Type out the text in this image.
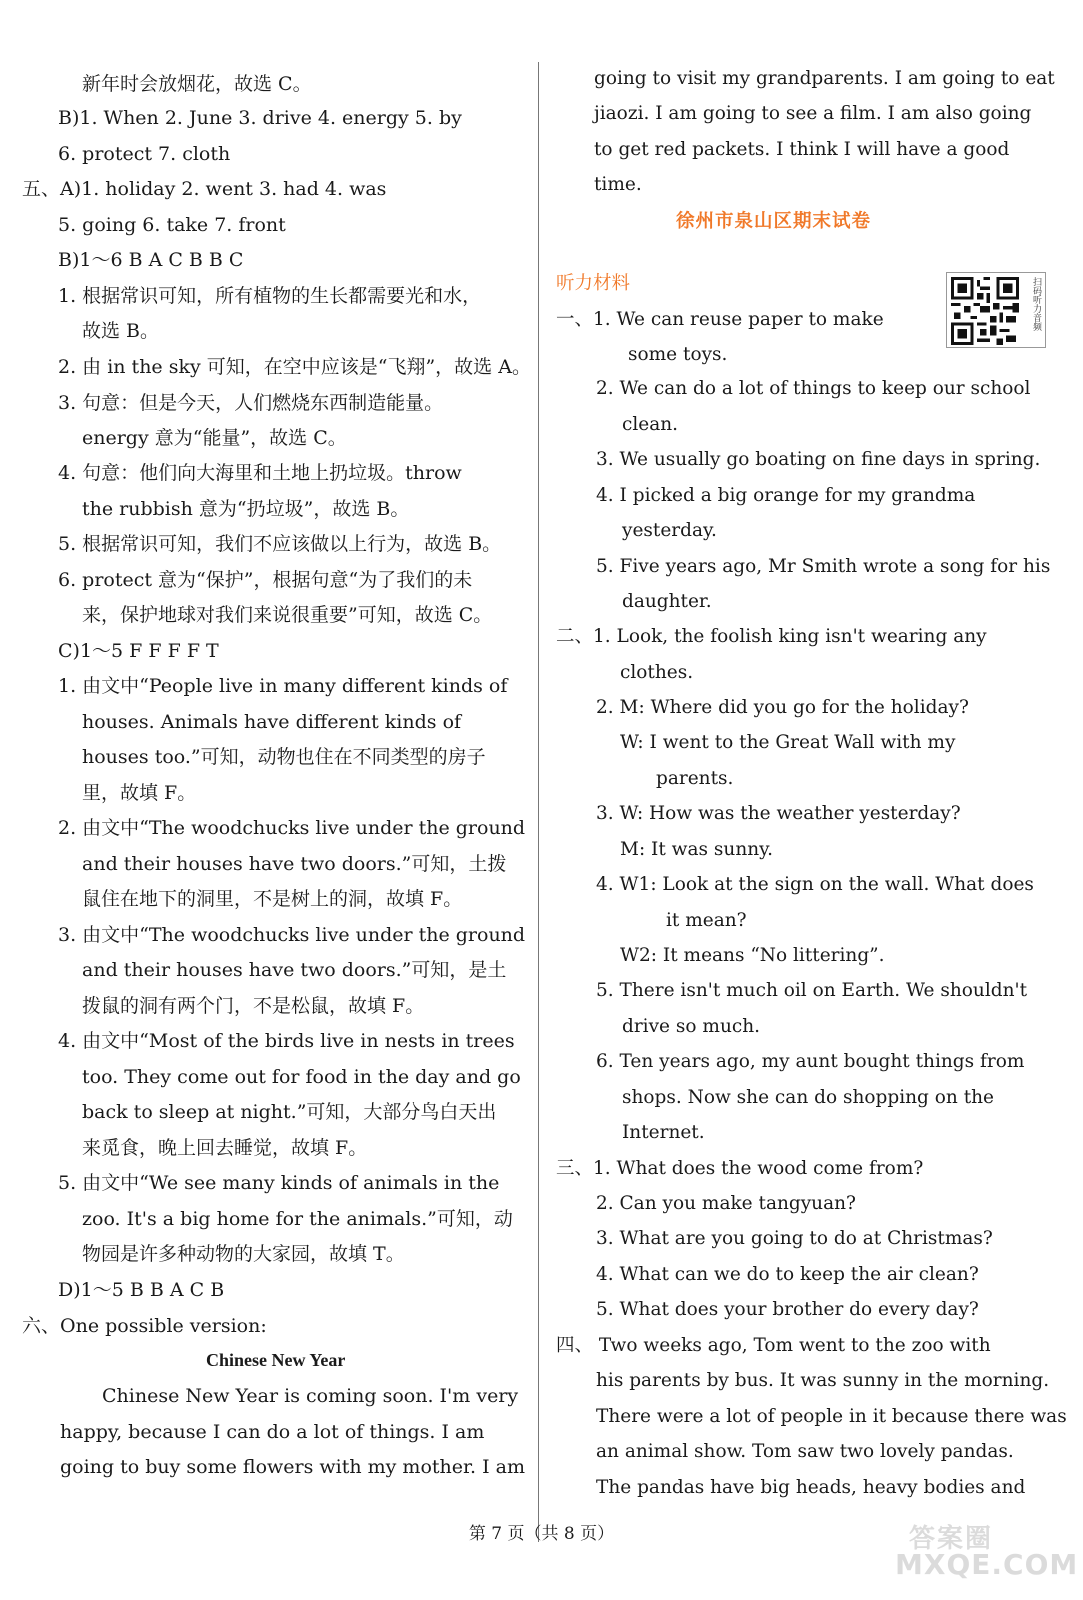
新年时会放烟花，故选 C。
B)1. When 2. June 3. drive 4. energy 5. by
6. protect 7. cloth
五、A)1. holiday 2. went 3. had 4. was
5. going 6. take 7. front
B)1～6 B A C B B C
1. 根据常识可知，所有植物的生长都需要光和水，
故选 B。
2. 由 in the sky 可知，在空中应该是“飞翔”，故选 A。
3. 句意：但是今天，人们燃烧东西制造能量。
energy 意为“能量”，故选 C。
4. 句意：他们向大海里和土地上扔垃圾。throw
the rubbish 意为“扔垃圾”，故选 B。
5. 根据常识可知，我们不应该做以上行为，故选 B。
6. protect 意为“保护”，根据句意“为了我们的未
来，保护地球对我们来说很重要”可知，故选 C。
C)1～5 F F F F T
1. 由文中“People live in many different kinds of
houses. Animals have different kinds of
houses too.”可知，动物也住在不同类型的房子
里，故填 F。
2. 由文中“The woodchucks live under the ground
and their houses have two doors.”可知，土拨
鼠住在地下的洞里，不是树上的洞，故填 F。
3. 由文中“The woodchucks live under the ground
and their houses have two doors.”可知，是土
拨鼠的洞有两个门，不是松鼠，故填 F。
4. 由文中“Most of the birds live in nests in trees
too. They come out for food in the day and go
back to sleep at night.”可知，大部分鸟白天出
来觅食，晚上回去睡觉，故填 F。
5. 由文中“We see many kinds of animals in the
zoo. It's a big home for the animals.”可知，动
物园是许多种动物的大家园，故填 T。
D)1～5 B B A C B
六、One possible version:
Chinese New Year is coming soon. I'm very
happy, because I can do a lot of things. I am
going to buy some flowers with my mother. I am
Chinese New Year
going to visit my grandparents. I am going to eat
jiaozi. I am going to see a film. I am also going
to get red packets. I think I will have a good
time.
一、1. We can reuse paper to make
some toys.
2. We can do a lot of things to keep our school
clean.
3. We usually go boating on fine days in spring.
4. I picked a big orange for my grandma
yesterday.
5. Five years ago, Mr Smith wrote a song for his
daughter.
二、1. Look, the foolish king isn't wearing any
clothes.
2. M: Where did you go for the holiday?
W: I went to the Great Wall with my
parents.
3. W: How was the weather yesterday?
M: It was sunny.
4. W1: Look at the sign on the wall. What does
it mean?
W2: It means “No littering”.
5. There isn't much oil on Earth. We shouldn't
drive so much.
6. Ten years ago, my aunt bought things from
shops. Now she can do shopping on the
Internet.
三、1. What does the wood come from?
2. Can you make tangyuan?
3. What are you going to do at Christmas?
4. What can we do to keep the air clean?
5. What does your brother do every day?
四、 Two weeks ago, Tom went to the zoo with
his parents by bus. It was sunny in the morning.
There were a lot of people in it because there was
an animal show. Tom saw two lovely pandas.
The pandas have big heads, heavy bodies and
徐州市泉山区期末试卷
听力材料	扫码听力音频
第 7 页（共 8 页）	答案圈
MXQE.COM
